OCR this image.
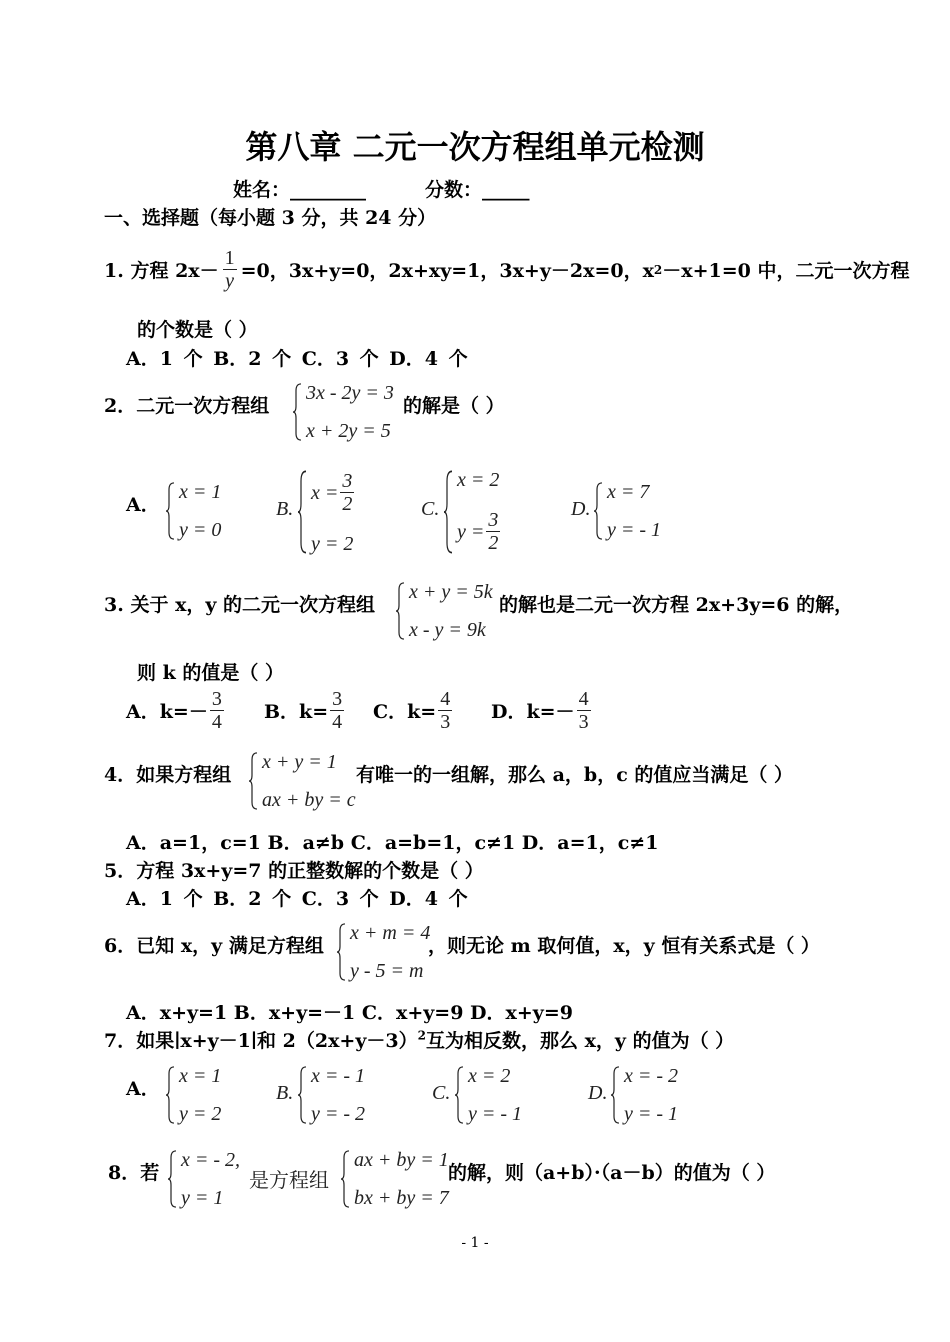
第八章 二元一次方程组单元检测
姓名：________	分数：_____
一、选择题（每小题 3 分，共 24 分）
1. 方程 $2x- \frac{1}{y} =0$，3x+y=0，2x+xy=1，3x+y－2x=0，x 2 －x+1=0 中，二元一次方程
的个数是（ ）
A．1 个 B．2 个 C．3 个 D．4 个
2．二元一次方程组
3x - 2y = 3
x + 2y = 5
的解是（ ）
A．
x = 1
y = 0
B.
$x = \frac{3}{2}$
y = 2
C.
x = 2
$y = \frac{3}{2}$	D.
x = 7
y = - 1
3. 关于 x，y 的二元一次方程组
x + y = 5k
x - y = 9k
的解也是二元一次方程 2x+3y=6 的解，
则 k 的值是（ ）
A．$k=- \frac{3}{4}$ B．$k= \frac{3}{4}$ C．$k= \frac{4}{3}$ D．$k=- \frac{4}{3}$
4．如果方程组
x + y = 1
ax + by = c
有唯一的一组解，那么 a，b，c 的值应当满足（ ）
A．a=1，c=1 B．a≠b C．a=b=1，c≠1 D．a=1，c≠1
5．方程 3x+y=7 的正整数解的个数是（ ）
A．1 个 B．2 个 C．3 个 D．4 个
6．已知 x，y 满足方程组
x + m = 4
y - 5 = m
，则无论 m 取何值，x，y 恒有关系式是（ ）
A．x+y=1 B．x+y=－1 C．x+y=9 D．x+y=9
7．如果∣x+y－1∣和 $2(2x+y-3)^2$互为相反数，那么 x，y 的值为（ ）
A．
x = 1
y = 2
B.
x = - 1
y = - 2
C.
x = 2
y = - 1
D.
x = - 2
y = - 1
8．若
x = - 2,
y = 1
是方程组
ax + by = 1
bx + by = 7
的解，则（a+b）·（a－b）的值为（ ）
- 1 -
